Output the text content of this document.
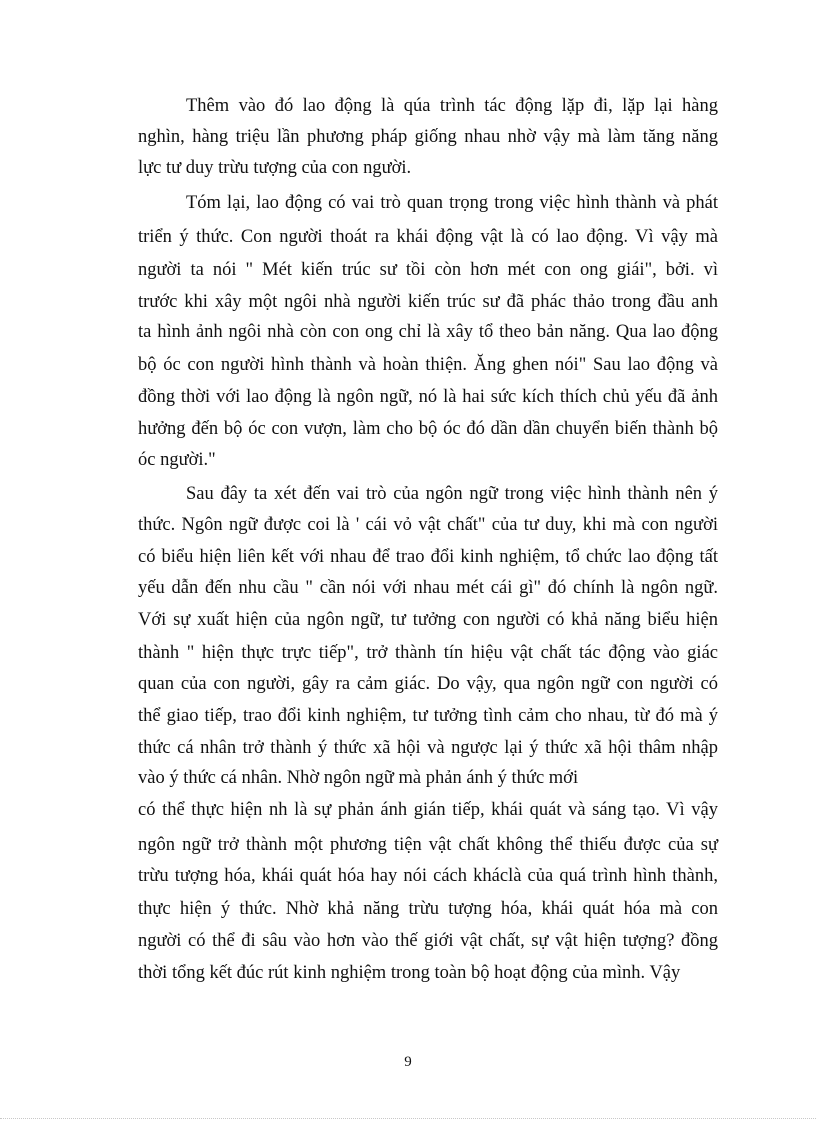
Thêm vào đó lao động là qúa trình tác động lặp đi, lặp lại hàng
nghìn, hàng triệu lần phương pháp giống nhau nhờ vậy mà làm tăng năng
lực tư duy trừu tượng của con người.
Tóm lại, lao động có vai trò quan trọng trong việc hình thành và phát
triển ý thức. Con người thoát ra khái động vật là có lao động. Vì vậy mà
người ta nói " Mét kiến trúc sư tồi còn hơn mét con ong giái", bởi. vì
trước khi xây một ngôi nhà người kiến trúc sư đã phác thảo trong đầu anh
ta hình ảnh ngôi nhà còn con ong chỉ là xây tổ theo bản năng. Qua lao động
bộ óc con người hình thành và hoàn thiện. Ăng ghen nói" Sau lao động và
đồng thời với lao động là ngôn ngữ, nó là hai sức kích thích chủ yếu đã ảnh
hưởng đến bộ óc con vượn, làm cho bộ óc đó dần dần chuyển biến thành bộ
óc người."
Sau đây ta xét đến vai trò của ngôn ngữ trong việc hình thành nên ý
thức. Ngôn ngữ được coi là ' cái vỏ vật chất" của tư duy, khi mà con người
có biểu hiện liên kết với nhau để trao đổi kinh nghiệm, tổ chức lao động tất
yếu dẫn đến nhu cầu " cần nói với nhau mét cái gì" đó chính là ngôn ngữ.
Với sự xuất hiện của ngôn ngữ, tư tưởng con người có khả năng biểu hiện
thành " hiện thực trực tiếp", trở thành tín hiệu vật chất tác động vào giác
quan của con người, gây ra cảm giác. Do vậy, qua ngôn ngữ con người có
thể giao tiếp, trao đổi kinh nghiệm, tư tưởng tình cảm cho nhau, từ đó mà ý
thức cá nhân trở thành ý thức xã hội và ngược lại ý thức xã hội thâm nhập
vào ý thức cá nhân. Nhờ ngôn ngữ mà phản ánh ý thức mới
có thể thực hiện nh là sự phản ánh gián tiếp, khái quát và sáng tạo. Vì vậy
ngôn ngữ trở thành một phương tiện vật chất không thể thiếu được của sự
trừu tượng hóa, khái quát hóa hay nói cách kháclà của quá trình hình thành,
thực hiện ý thức. Nhờ khả năng trừu tượng hóa, khái quát hóa mà con
người có thể đi sâu vào hơn vào thế giới vật chất, sự vật hiện tượng? đồng
thời tổng kết đúc rút kinh nghiệm trong toàn bộ hoạt động của mình. Vậy
9
